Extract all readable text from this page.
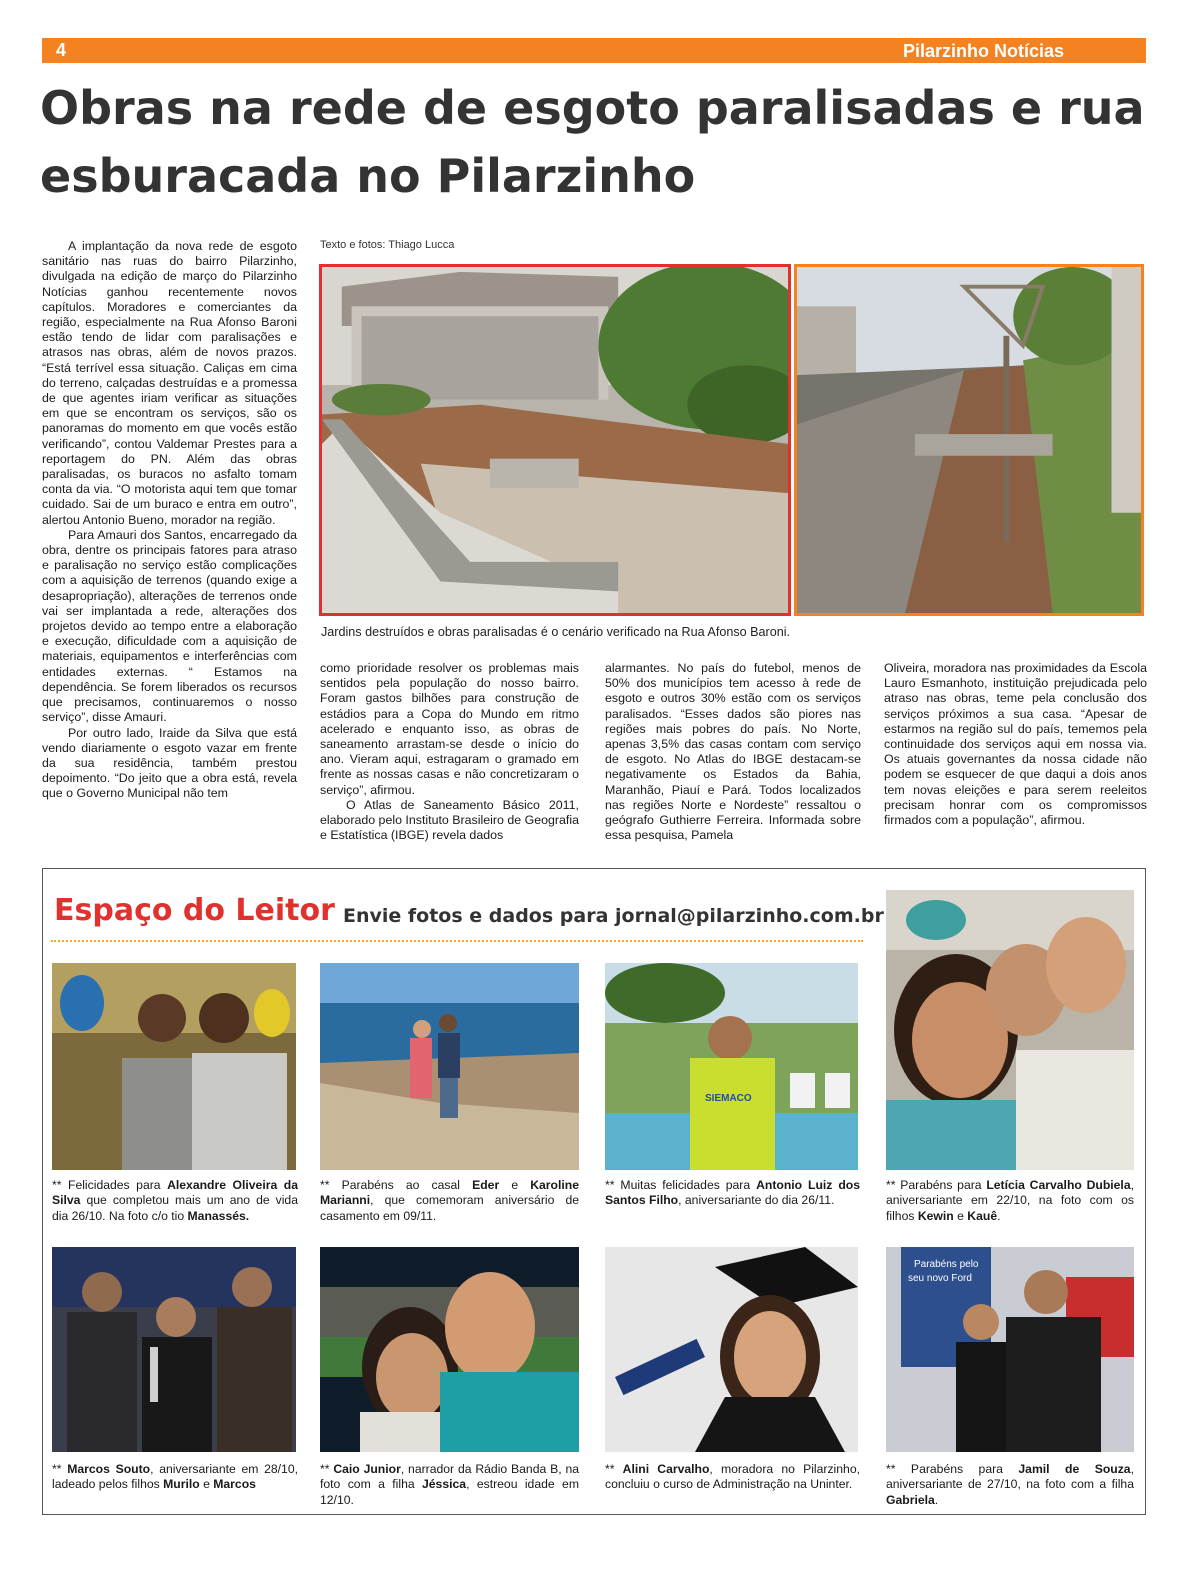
4	Pilarzinho Notícias
Obras na rede de esgoto paralisadas e rua esburacada no Pilarzinho

A implantação da nova rede de esgoto sanitário nas ruas do bairro Pilarzinho, divulgada na edição de março do Pilarzinho Notícias ganhou recentemente novos capítulos. Moradores e comerciantes da região, especialmente na Rua Afonso Baroni estão tendo de lidar com paralisações e atrasos nas obras, além de novos prazos. “Está terrível essa situação. Caliças em cima do terreno, calçadas destruídas e a promessa de que agentes iriam verificar as situações em que se encontram os serviços, são os panoramas do momento em que vocês estão verificando”, contou Valdemar Prestes para a reportagem do PN. Além das obras paralisadas, os buracos no asfalto tomam conta da via. “O motorista aqui tem que tomar cuidado. Sai de um buraco e entra em outro”, alertou Antonio Bueno, morador na região.

Para Amauri dos Santos, encarregado da obra, dentre os principais fatores para atraso e paralisação no serviço estão complicações com a aquisição de terrenos (quando exige a desapropriação), alterações de terrenos onde vai ser implantada a rede, alterações dos projetos devido ao tempo entre a elaboração e execução, dificuldade com a aquisição de materiais, equipamentos e interferências com entidades externas. “ Estamos na dependência. Se forem liberados os recursos que precisamos, continuaremos o nosso serviço”, disse Amauri.

Por outro lado, Iraide da Silva que está vendo diariamente o esgoto vazar em frente da sua residência, também prestou depoimento. “Do jeito que a obra está, revela que o Governo Municipal não tem

Texto e fotos: Thiago Lucca
Jardins destruídos e obras paralisadas é o cenário verificado na Rua Afonso Baroni.

como prioridade resolver os problemas mais sentidos pela população do nosso bairro. Foram gastos bilhões para construção de estádios para a Copa do Mundo em ritmo acelerado e enquanto isso, as obras de saneamento arrastam-se desde o início do ano. Vieram aqui, estragaram o gramado em frente as nossas casas e não concretizaram o serviço”, afirmou.

O Atlas de Saneamento Básico 2011, elaborado pelo Instituto Brasileiro de Geografia e Estatística (IBGE) revela dados

alarmantes. No país do futebol, menos de 50% dos municípios tem acesso à rede de esgoto e outros 30% estão com os serviços paralisados. “Esses dados são piores nas regiões mais pobres do país. No Norte, apenas 3,5% das casas contam com serviço de esgoto. No Atlas do IBGE destacam-se negativamente os Estados da Bahia, Maranhão, Piauí e Pará. Todos localizados nas regiões Norte e Nordeste” ressaltou o geógrafo Guthierre Ferreira. Informada sobre essa pesquisa, Pamela

Oliveira, moradora nas proximidades da Escola Lauro Esmanhoto, instituição prejudicada pelo atraso nas obras, teme pela conclusão dos serviços próximos a sua casa. “Apesar de estarmos na região sul do país, tememos pela continuidade dos serviços aqui em nossa via. Os atuais governantes da nossa cidade não podem se esquecer de que daqui a dois anos tem novas eleições e para serem reeleitos precisam honrar com os compromissos firmados com a população”, afirmou.

Espaço do Leitor Envie fotos e dados para jornal@pilarzinho.com.br
SIEMACO
** Felicidades para Alexandre Oliveira da Silva que completou mais um ano de vida dia 26/10. Na foto c/o tio Manassés.
** Parabéns ao casal Eder e Karoline Marianni, que comemoram aniversário de casamento em 09/11.
** Muitas felicidades para Antonio Luiz dos Santos Filho, aniversariante do dia 26/11.
** Parabéns para Letícia Carvalho Dubiela, aniversariante em 22/10, na foto com os filhos Kewin e Kauê.
Parabéns pelo
seu novo Ford
** Marcos Souto, aniversariante em 28/10, ladeado pelos filhos Murilo e Marcos
** Caio Junior, narrador da Rádio Banda B, na foto com a filha Jéssica, estreou idade em 12/10.
** Alini Carvalho, moradora no Pilarzinho, concluiu o curso de Administração na Uninter.
** Parabéns para Jamil de Souza, aniversariante de 27/10, na foto com a filha Gabriela.
